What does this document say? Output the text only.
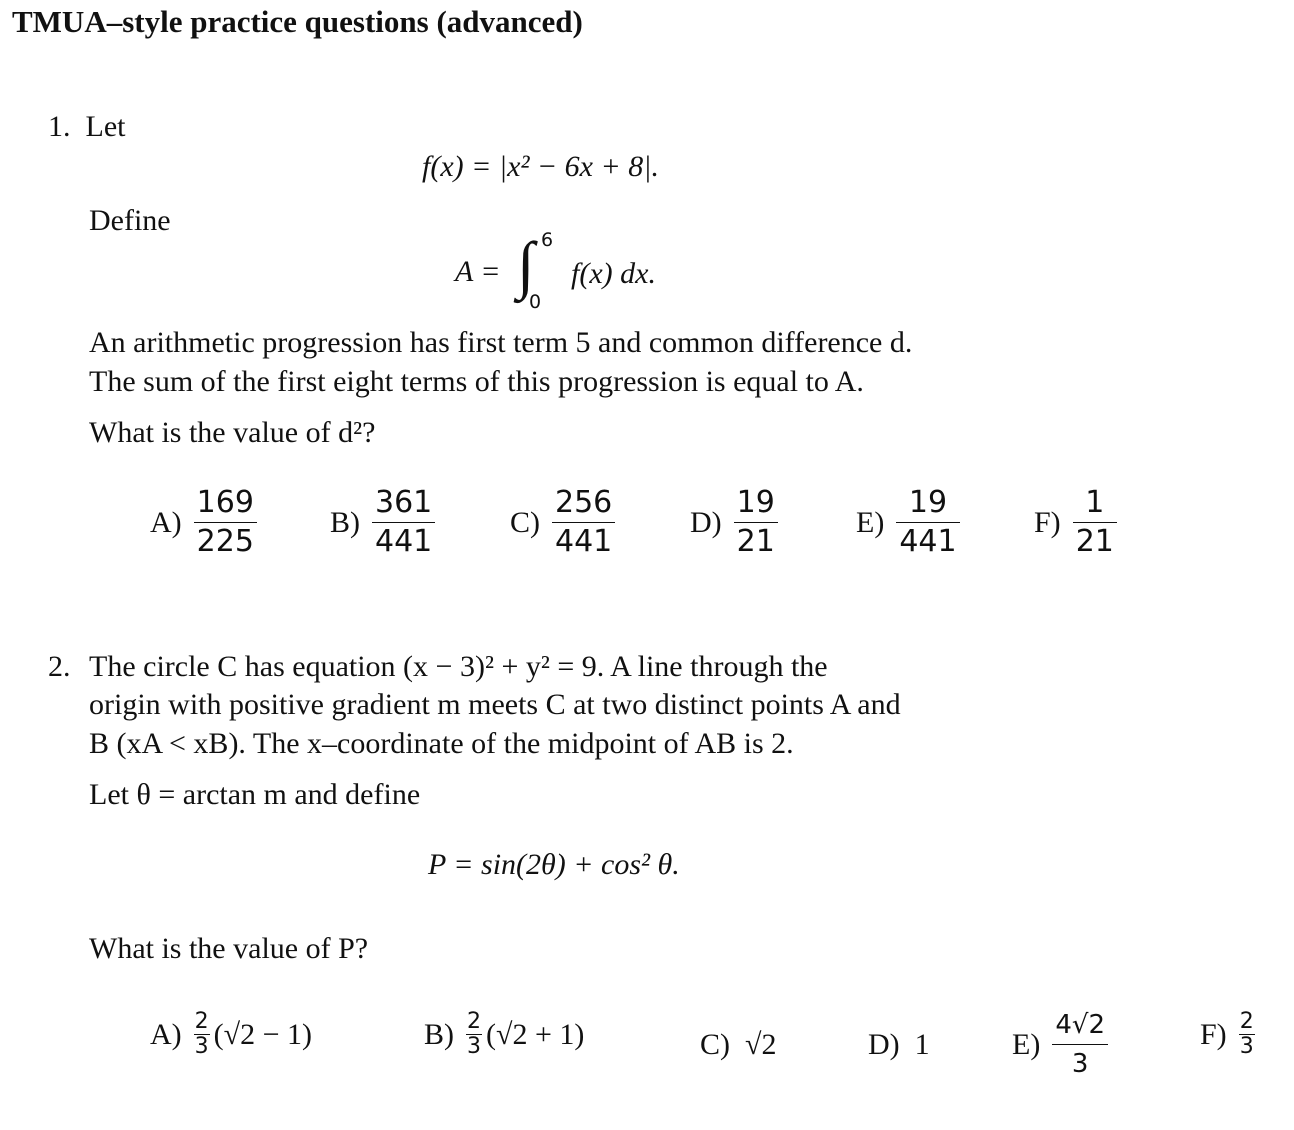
TMUA–style practice questions (advanced)
1. Let
f(x) = |x² − 6x + 8|.
Define
A = ∫ 6
0
f(x) dx.
An arithmetic progression has first term 5 and common difference d.
The sum of the first eight terms of this progression is equal to A.
What is the value of d²?
$A) \frac{169}{225} B) \frac{361}{441} C) \frac{256}{441} D) \frac{19}{21}$	$E) \frac{19}{441} F) \frac{1}{21}$
2. The circle C has equation (x − 3)² + y² = 9. A line through the
origin with positive gradient m meets C at two distinct points A and
B (xA < xB). The x–coordinate of the midpoint of AB is 2.
Let θ = arctan m and define
P = sin(2θ) + cos² θ.
What is the value of P?
$A) \frac{2}{3} (√2 - 1)$	$B) \frac{2}{3} (√2 + 1)$	C) √2	D) 1	$E) \frac{4√2}{3}$	$F) \frac{2}{3}$
